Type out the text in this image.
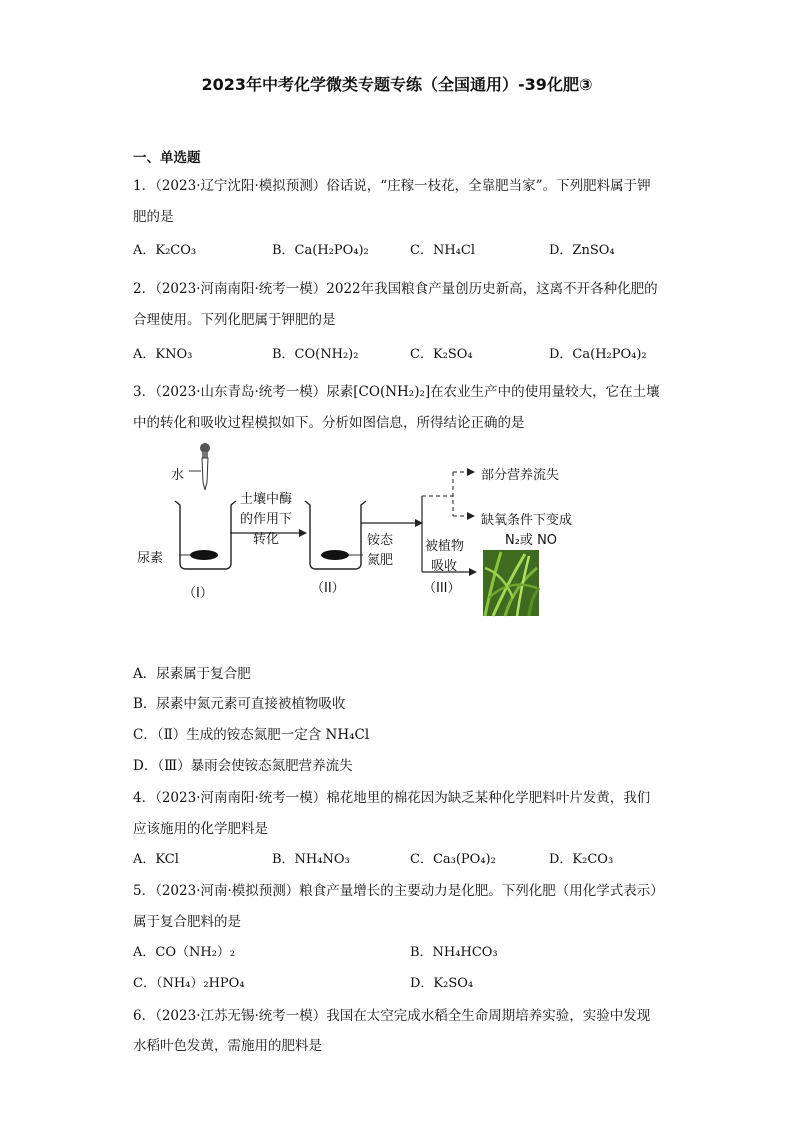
2023年中考化学微类专题专练（全国通用）-39化肥③
一、单选题
1．（2023·辽宁沈阳·模拟预测）俗话说，“庄稼一枝花，全靠肥当家”。下列肥料属于钾
肥的是
A．K₂CO₃	B．Ca(H₂PO₄)₂	C．NH₄Cl	D．ZnSO₄
2．（2023·河南南阳·统考一模）2022年我国粮食产量创历史新高，这离不开各种化肥的
合理使用。下列化肥属于钾肥的是
A．KNO₃	B．CO(NH₂)₂	C．K₂SO₄	D．Ca(H₂PO₄)₂
3．（2023·山东青岛·统考一模）尿素[CO(NH₂)₂]在农业生产中的使用量较大，它在土壤
中的转化和吸收过程模拟如下。分析如图信息，所得结论正确的是
水
尿素
土壤中酶
的作用下
转化	铵态
氮肥
被植物
吸收
部分营养流失
缺氧条件下变成
N₂或 NO
（I）	（II）	（III）
A．尿素属于复合肥
B．尿素中氮元素可直接被植物吸收
C．（Ⅱ）生成的铵态氮肥一定含 NH₄Cl
D．（Ⅲ）暴雨会使铵态氮肥营养流失
4．（2023·河南南阳·统考一模）棉花地里的棉花因为缺乏某种化学肥料叶片发黄，我们
应该施用的化学肥料是
A．KCl	B．NH₄NO₃	C．Ca₃(PO₄)₂	D．K₂CO₃
5．（2023·河南·模拟预测）粮食产量增长的主要动力是化肥。下列化肥（用化学式表示）
属于复合肥料的是
A．CO（NH₂）₂	B．NH₄HCO₃
C．（NH₄）₂HPO₄	D．K₂SO₄
6．（2023·江苏无锡·统考一模）我国在太空完成水稻全生命周期培养实验，实验中发现
水稻叶色发黄，需施用的肥料是
